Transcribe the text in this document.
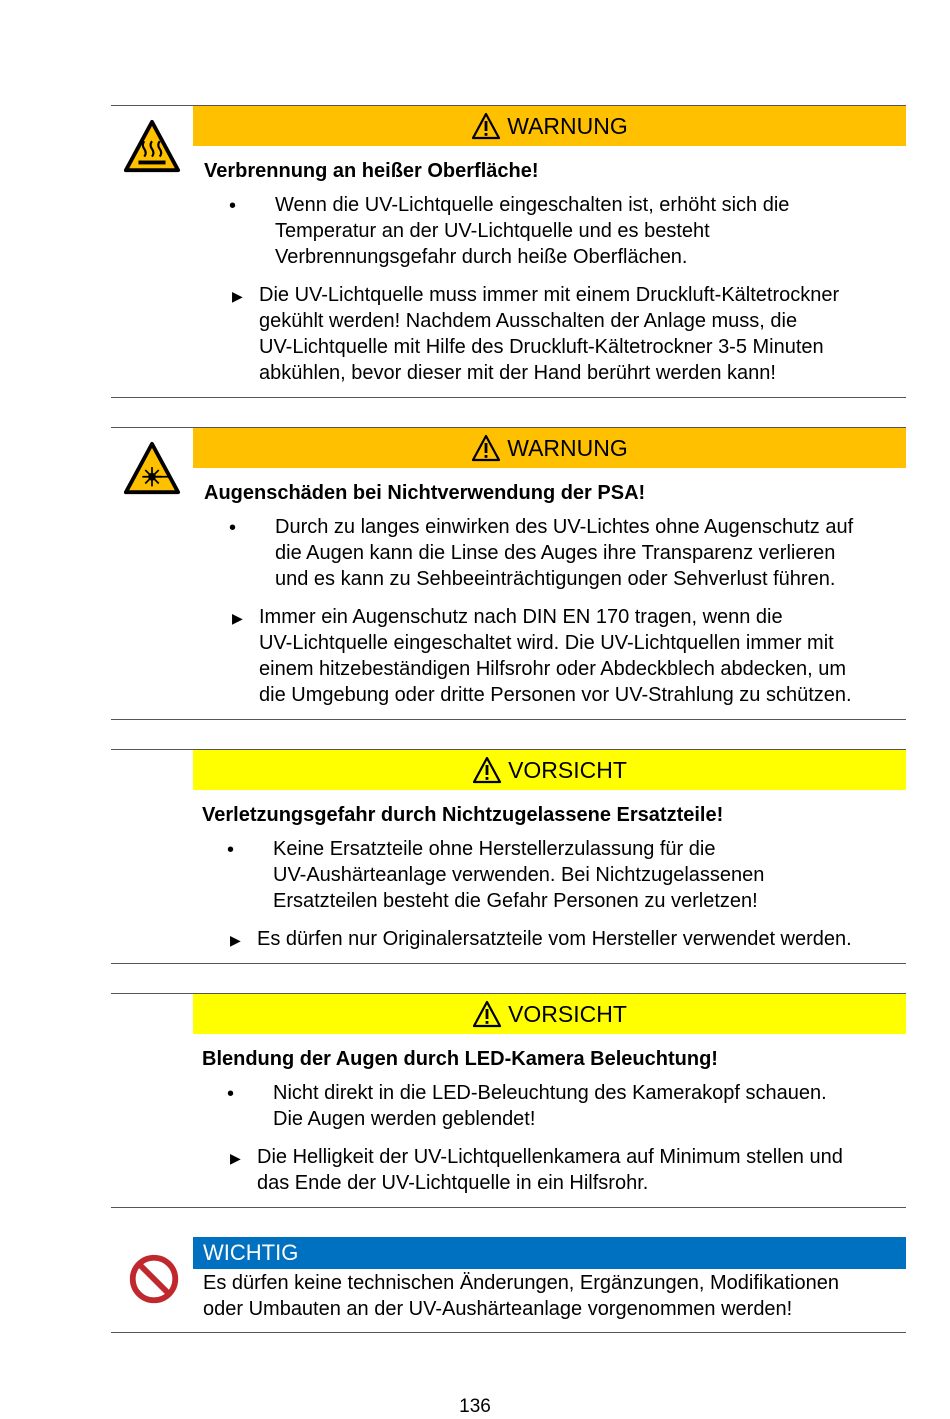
WARNUNG
Verbrennung an heißer Oberfläche!
• Wenn die UV-Lichtquelle eingeschalten ist, erhöht sich die
Temperatur an der UV-Lichtquelle und es besteht
Verbrennungsgefahr durch heiße Oberflächen.
▶ Die UV-Lichtquelle muss immer mit einem Druckluft-Kältetrockner
gekühlt werden! Nachdem Ausschalten der Anlage muss, die
UV-Lichtquelle mit Hilfe des Druckluft-Kältetrockner 3-5 Minuten
abkühlen, bevor dieser mit der Hand berührt werden kann!
WARNUNG
Augenschäden bei Nichtverwendung der PSA!
• Durch zu langes einwirken des UV-Lichtes ohne Augenschutz auf
die Augen kann die Linse des Auges ihre Transparenz verlieren
und es kann zu Sehbeeinträchtigungen oder Sehverlust führen.
▶ Immer ein Augenschutz nach DIN EN 170 tragen, wenn die
UV-Lichtquelle eingeschaltet wird. Die UV-Lichtquellen immer mit
einem hitzebeständigen Hilfsrohr oder Abdeckblech abdecken, um
die Umgebung oder dritte Personen vor UV-Strahlung zu schützen.
VORSICHT
Verletzungsgefahr durch Nichtzugelassene Ersatzteile!
• Keine Ersatzteile ohne Herstellerzulassung für die
UV-Aushärteanlage verwenden. Bei Nichtzugelassenen
Ersatzteilen besteht die Gefahr Personen zu verletzen!
▶ Es dürfen nur Originalersatzteile vom Hersteller verwendet werden.
VORSICHT
Blendung der Augen durch LED-Kamera Beleuchtung!
• Nicht direkt in die LED-Beleuchtung des Kamerakopf schauen.
Die Augen werden geblendet!
▶ Die Helligkeit der UV-Lichtquellenkamera auf Minimum stellen und
das Ende der UV-Lichtquelle in ein Hilfsrohr.
WICHTIG
Es dürfen keine technischen Änderungen, Ergänzungen, Modifikationen
oder Umbauten an der UV-Aushärteanlage vorgenommen werden!
136
